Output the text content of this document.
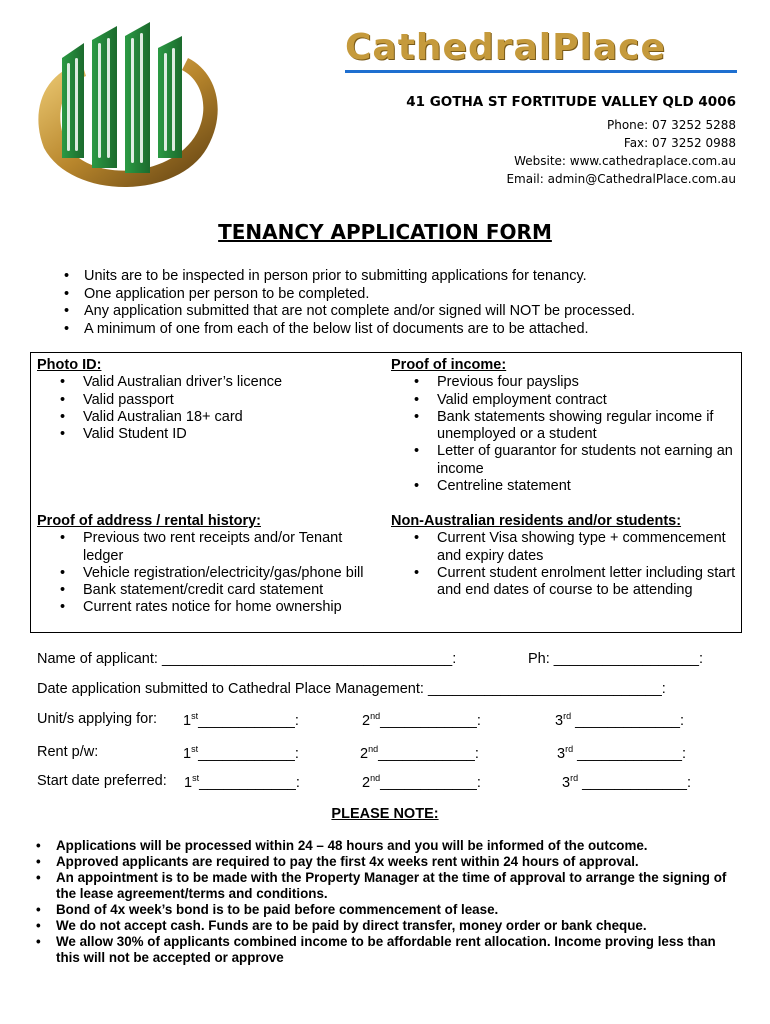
CathedralPlace
41 GOTHA ST FORTITUDE VALLEY QLD 4006
Phone: 07 3252 5288
Fax: 07 3252 0988
Website: www.cathedraplace.com.au
Email: admin@CathedralPlace.com.au
TENANCY APPLICATION FORM
• Units are to be inspected in person prior to submitting applications for tenancy.
• One application per person to be completed.
• Any application submitted that are not complete and/or signed will NOT be processed.
• A minimum of one from each of the below list of documents are to be attached.
Photo ID:
• Valid Australian driver’s licence
• Valid passport
• Valid Australian 18+ card
• Valid Student ID
Proof of income:
• Previous four payslips
• Valid employment contract
• Bank statements showing regular income if unemployed or a student
• Letter of guarantor for students not earning an income
• Centreline statement
Proof of address / rental history:
• Previous two rent receipts and/or Tenant ledger
• Vehicle registration/electricity/gas/phone bill
• Bank statement/credit card statement
• Current rates notice for home ownership
Non-Australian residents and/or students:
• Current Visa showing type + commencement and expiry dates
• Current student enrolment letter including start and end dates of course to be attending
Name of applicant: ____________________________________:	Ph: __________________:
Date application submitted to Cathedral Place Management: _____________________________:
Unit/s applying for: 1st____________:	2nd____________:	3rd _____________:
Rent p/w:	1st____________:	2nd____________:	3rd _____________:
Start date preferred: 1st____________:	2nd____________:	3rd _____________:
PLEASE NOTE:
• Applications will be processed within 24 – 48 hours and you will be informed of the outcome.
• Approved applicants are required to pay the first 4x weeks rent within 24 hours of approval.
• An appointment is to be made with the Property Manager at the time of approval to arrange the signing of the lease agreement/terms and conditions.
• Bond of 4x week’s bond is to be paid before commencement of lease.
• We do not accept cash. Funds are to be paid by direct transfer, money order or bank cheque.
• We allow 30% of applicants combined income to be affordable rent allocation. Income proving less than this will not be accepted or approve
